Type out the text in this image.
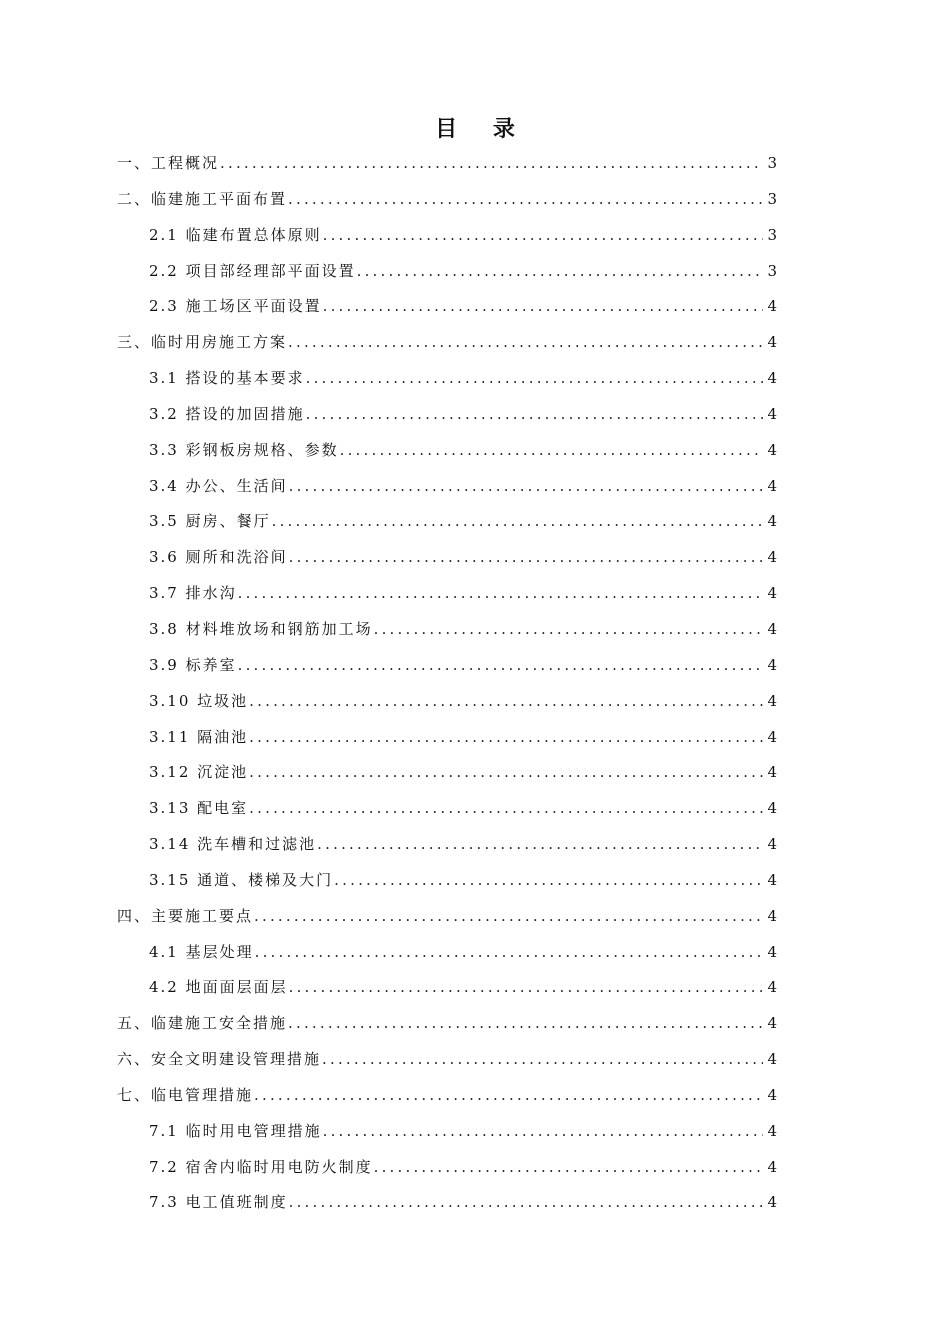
目 录
一、工程概况 .....	3
二、临建施工平面布置 .....	3
2.1 临建布置总体原则 .....	3
2.2 项目部经理部平面设置 .....	3
2.3 施工场区平面设置 .....	4
三、临时用房施工方案 .....	4
3.1 搭设的基本要求 .....	4
3.2 搭设的加固措施 .....	4
3.3 彩钢板房规格、参数 .....	4
3.4 办公、生活间 .....	4
3.5 厨房、餐厅 .....	4
3.6 厕所和洗浴间 .....	4
3.7 排水沟 .....	4
3.8 材料堆放场和钢筋加工场 .....	4
3.9 标养室 .....	4
3.10 垃圾池 .....	4
3.11 隔油池 .....	4
3.12 沉淀池 .....	4
3.13 配电室 .....	4
3.14 洗车槽和过滤池 .....	4
3.15 通道、楼梯及大门 .....	4
四、主要施工要点 .....	4
4.1 基层处理 .....	4
4.2 地面面层面层 .....	4
五、临建施工安全措施 .....	4
六、安全文明建设管理措施 .....	4
七、临电管理措施 .....	4
7.1 临时用电管理措施 .....	4
7.2 宿舍内临时用电防火制度 .....	4
7.3 电工值班制度 .....	4
